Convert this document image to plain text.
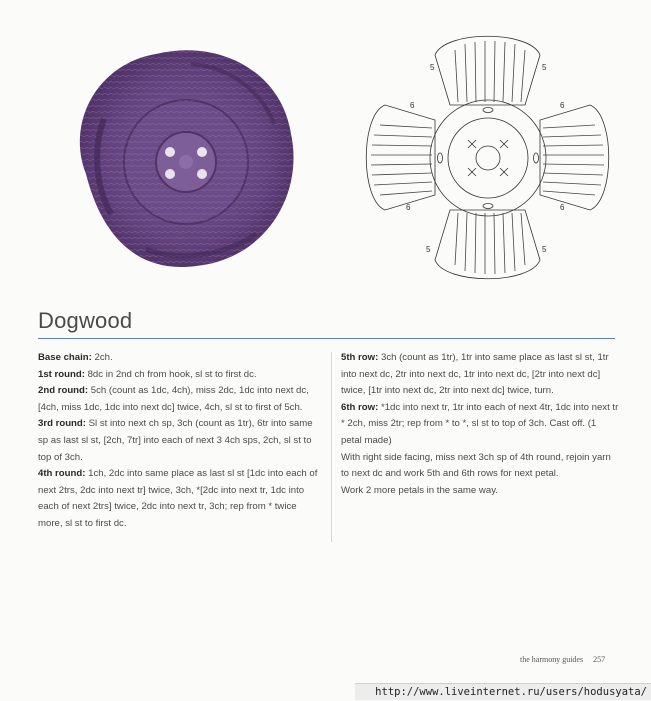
5
6
5
6
5
6
5
6
Dogwood

Base chain: 2ch.

1st round: 8dc in 2nd ch from hook, sl st to first dc.

2nd round: 5ch (count as 1dc, 4ch), miss 2dc, 1dc into next dc, [4ch, miss 1dc, 1dc into next dc] twice, 4ch, sl st to first of 5ch.

3rd round: Sl st into next ch sp, 3ch (count as 1tr), 6tr into same sp as last sl st, [2ch, 7tr] into each of next 3 4ch sps, 2ch, sl st to top of 3ch.

4th round: 1ch, 2dc into same place as last sl st [1dc into each of next 2trs, 2dc into next tr] twice, 3ch, *[2dc into next tr, 1dc into each of next 2trs] twice, 2dc into next tr, 3ch; rep from * twice more, sl st to first dc.

5th row: 3ch (count as 1tr), 1tr into same place as last sl st, 1tr into next dc, 2tr into next dc, 1tr into next dc, [2tr into next dc] twice, [1tr into next dc, 2tr into next dc] twice, turn.

6th row: *1dc into next tr, 1tr into each of next 4tr, 1dc into next tr * 2ch, miss 2tr; rep from * to *, sl st to top of 3ch. Cast off. (1 petal made)

With right side facing, miss next 3ch sp of 4th round, rejoin yarn to next dc and work 5th and 6th rows for next petal.

Work 2 more petals in the same way.

the harmony guides 257
http://www.liveinternet.ru/users/hodusyata/
